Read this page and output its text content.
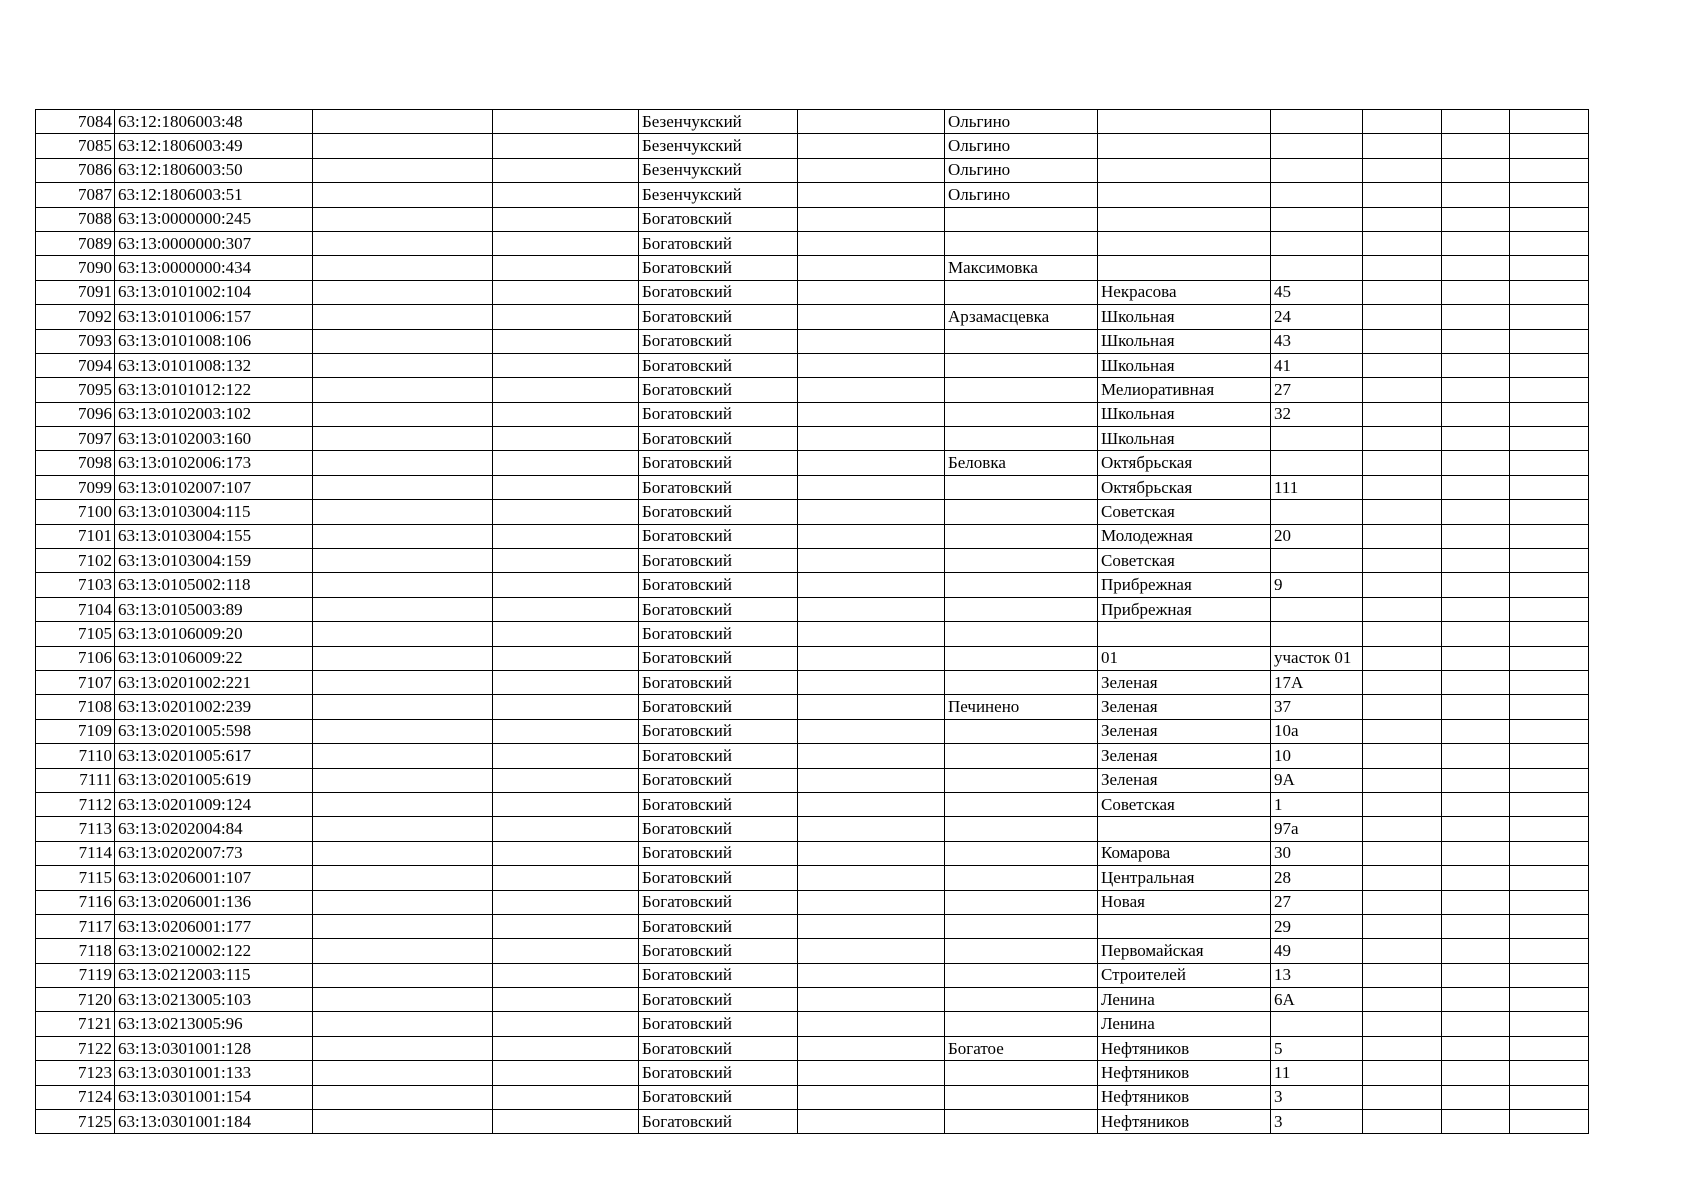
7084	63:12:1806003:48			Безенчукский		Ольгино					
7085	63:12:1806003:49			Безенчукский		Ольгино					
7086	63:12:1806003:50			Безенчукский		Ольгино					
7087	63:12:1806003:51			Безенчукский		Ольгино					
7088	63:13:0000000:245			Богатовский							
7089	63:13:0000000:307			Богатовский							
7090	63:13:0000000:434			Богатовский		Максимовка					
7091	63:13:0101002:104			Богатовский			Некрасова	45			
7092	63:13:0101006:157			Богатовский		Арзамасцевка	Школьная	24			
7093	63:13:0101008:106			Богатовский			Школьная	43			
7094	63:13:0101008:132			Богатовский			Школьная	41			
7095	63:13:0101012:122			Богатовский			Мелиоративная	27			
7096	63:13:0102003:102			Богатовский			Школьная	32			
7097	63:13:0102003:160			Богатовский			Школьная				
7098	63:13:0102006:173			Богатовский		Беловка	Октябрьская				
7099	63:13:0102007:107			Богатовский			Октябрьская	111			
7100	63:13:0103004:115			Богатовский			Советская				
7101	63:13:0103004:155			Богатовский			Молодежная	20			
7102	63:13:0103004:159			Богатовский			Советская				
7103	63:13:0105002:118			Богатовский			Прибрежная	9			
7104	63:13:0105003:89			Богатовский			Прибрежная				
7105	63:13:0106009:20			Богатовский							
7106	63:13:0106009:22			Богатовский			01	участок 01			
7107	63:13:0201002:221			Богатовский			Зеленая	17А			
7108	63:13:0201002:239			Богатовский		Печинено	Зеленая	37			
7109	63:13:0201005:598			Богатовский			Зеленая	10а			
7110	63:13:0201005:617			Богатовский			Зеленая	10			
7111	63:13:0201005:619			Богатовский			Зеленая	9А			
7112	63:13:0201009:124			Богатовский			Советская	1			
7113	63:13:0202004:84			Богатовский				97а			
7114	63:13:0202007:73			Богатовский			Комарова	30			
7115	63:13:0206001:107			Богатовский			Центральная	28			
7116	63:13:0206001:136			Богатовский			Новая	27			
7117	63:13:0206001:177			Богатовский				29			
7118	63:13:0210002:122			Богатовский			Первомайская	49			
7119	63:13:0212003:115			Богатовский			Строителей	13			
7120	63:13:0213005:103			Богатовский			Ленина	6А			
7121	63:13:0213005:96			Богатовский			Ленина				
7122	63:13:0301001:128			Богатовский		Богатое	Нефтяников	5			
7123	63:13:0301001:133			Богатовский			Нефтяников	11			
7124	63:13:0301001:154			Богатовский			Нефтяников	3			
7125	63:13:0301001:184			Богатовский			Нефтяников	3			
